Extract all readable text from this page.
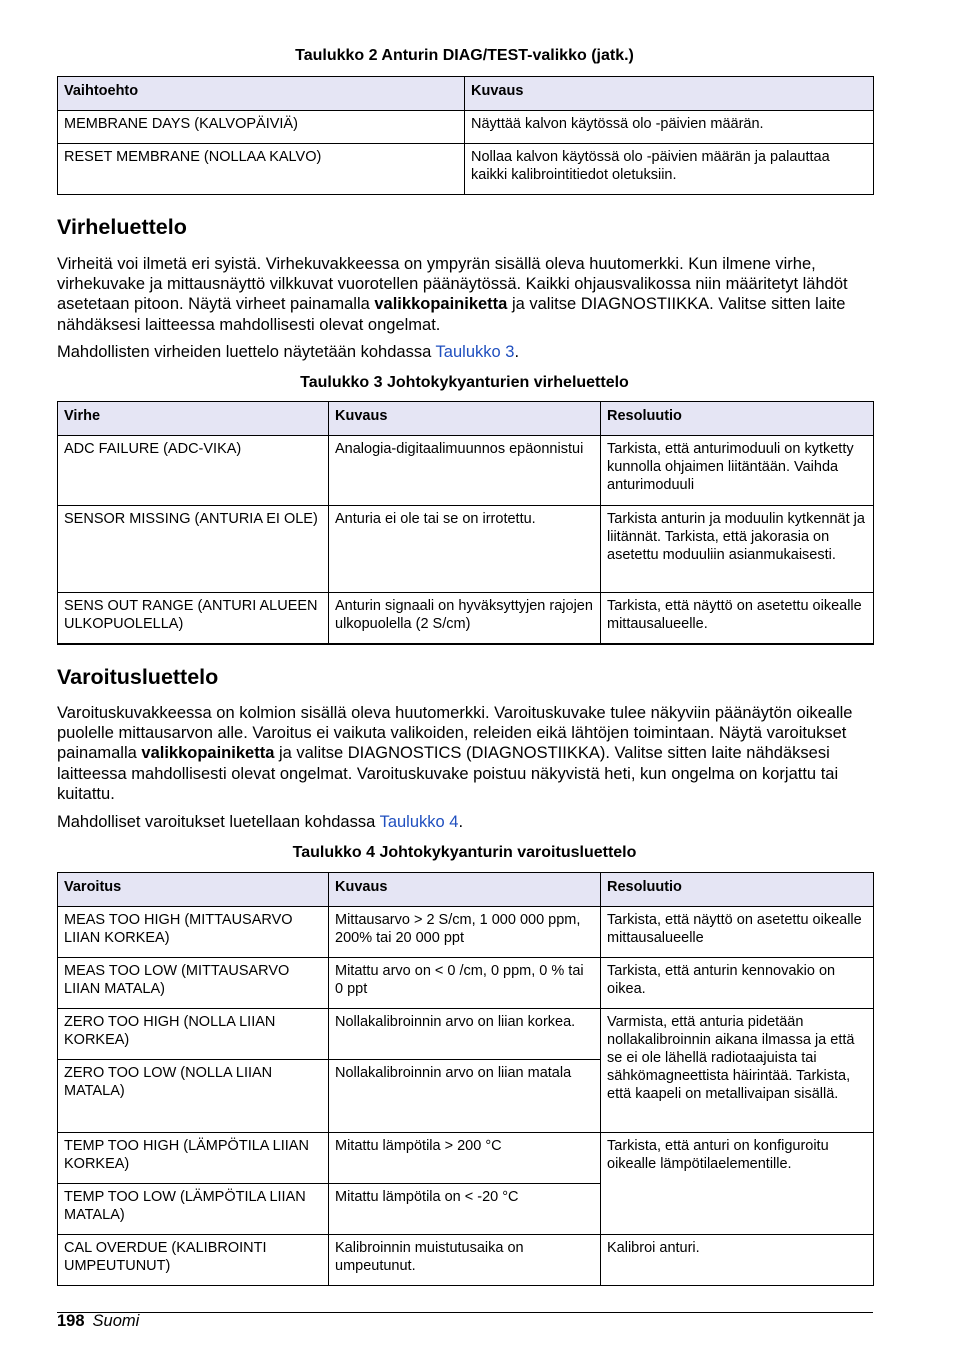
Taulukko 2 Anturin DIAG/TEST-valikko (jatk.)
Vaihtoehto	Kuvaus
MEMBRANE DAYS (KALVOPÄIVIÄ)	Näyttää kalvon käytössä olo -päivien määrän.
RESET MEMBRANE (NOLLAA KALVO)	Nollaa kalvon käytössä olo -päivien määrän ja palauttaa kaikki kalibrointitiedot oletuksiin.
Virheluettelo

Virheitä voi ilmetä eri syistä. Virhekuvakkeessa on ympyrän sisällä oleva huutomerkki. Kun ilmene virhe, virhekuvake ja mittausnäyttö vilkkuvat vuorotellen päänäytössä. Kaikki ohjausvalikossa niin määritetyt lähdöt asetetaan pitoon. Näytä virheet painamalla valikkopainiketta ja valitse DIAGNOSTIIKKA. Valitse sitten laite nähdäksesi laitteessa mahdollisesti olevat ongelmat.

Mahdollisten virheiden luettelo näytetään kohdassa Taulukko 3.

Taulukko 3 Johtokykyanturien virheluettelo
Virhe	Kuvaus	Resoluutio
ADC FAILURE (ADC-VIKA)	Analogia-digitaalimuunnos epäonnistui	Tarkista, että anturimoduuli on kytketty kunnolla ohjaimen liitäntään. Vaihda anturimoduuli
SENSOR MISSING (ANTURIA EI OLE)	Anturia ei ole tai se on irrotettu.	Tarkista anturin ja moduulin kytkennät ja liitännät. Tarkista, että jakorasia on asetettu moduuliin asianmukaisesti.
SENS OUT RANGE (ANTURI ALUEEN ULKOPUOLELLA)	Anturin signaali on hyväksyttyjen rajojen ulkopuolella (2 S/cm)	Tarkista, että näyttö on asetettu oikealle mittausalueelle.
Varoitusluettelo

Varoituskuvakkeessa on kolmion sisällä oleva huutomerkki. Varoituskuvake tulee näkyviin päänäytön oikealle puolelle mittausarvon alle. Varoitus ei vaikuta valikoiden, releiden eikä lähtöjen toimintaan. Näytä varoitukset painamalla valikkopainiketta ja valitse DIAGNOSTICS (DIAGNOSTIIKKA). Valitse sitten laite nähdäksesi laitteessa mahdollisesti olevat ongelmat. Varoituskuvake poistuu näkyvistä heti, kun ongelma on korjattu tai kuitattu.

Mahdolliset varoitukset luetellaan kohdassa Taulukko 4.

Taulukko 4 Johtokykyanturin varoitusluettelo
Varoitus	Kuvaus	Resoluutio
MEAS TOO HIGH (MITTAUSARVO LIIAN KORKEA)	Mittausarvo > 2 S/cm, 1 000 000 ppm, 200% tai 20 000 ppt	Tarkista, että näyttö on asetettu oikealle mittausalueelle
MEAS TOO LOW (MITTAUSARVO LIIAN MATALA)	Mitattu arvo on < 0 /cm, 0 ppm, 0 % tai 0 ppt	Tarkista, että anturin kennovakio on oikea.
ZERO TOO HIGH (NOLLA LIIAN KORKEA)	Nollakalibroinnin arvo on liian korkea.	Varmista, että anturia pidetään nollakalibroinnin aikana ilmassa ja että se ei ole lähellä radiotaajuista tai sähkömagneettista häirintää. Tarkista, että kaapeli on metallivaipan sisällä.
ZERO TOO LOW (NOLLA LIIAN MATALA)	Nollakalibroinnin arvo on liian matala	
TEMP TOO HIGH (LÄMPÖTILA LIIAN KORKEA)	Mitattu lämpötila > 200 °C	Tarkista, että anturi on konfiguroitu oikealle lämpötilaelementille.
TEMP TOO LOW (LÄMPÖTILA LIIAN MATALA)	Mitattu lämpötila on < -20 °C	
CAL OVERDUE (KALIBROINTI UMPEUTUNUT)	Kalibroinnin muistutusaika on umpeutunut.	Kalibroi anturi.
198 Suomi
